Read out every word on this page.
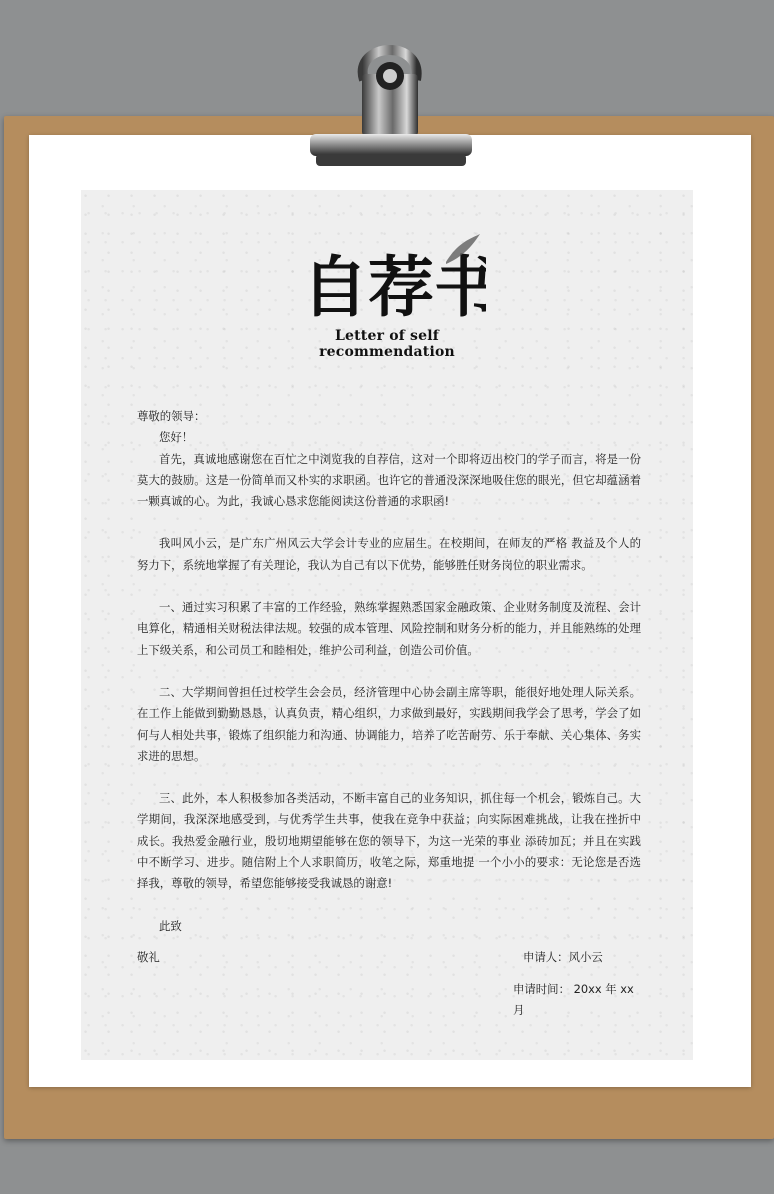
自荐书
Letter of self recommendation

尊敬的领导：

您好！

首先，真诚地感谢您在百忙之中浏览我的自荐信，这对一个即将迈出校门的学子而言，将是一份莫大的鼓励。这是一份简单而又朴实的求职函。也许它的普通没深深地吸住您的眼光，但它却蕴涵着一颗真诚的心。为此，我诚心恳求您能阅读这份普通的求职函!

我叫风小云，是广东广州风云大学会计专业的应届生。在校期间，在师友的严格 教益及个人的努力下，系统地掌握了有关理论，我认为自己有以下优势，能够胜任财务岗位的职业需求。

一、通过实习积累了丰富的工作经验，熟练掌握熟悉国家金融政策、企业财务制度及流程、会计电算化，精通相关财税法律法规。较强的成本管理、风险控制和财务分析的能力，并且能熟练的处理上下级关系，和公司员工和睦相处，维护公司利益，创造公司价值。

二、大学期间曾担任过校学生会会员，经济管理中心协会副主席等职，能很好地处理人际关系。在工作上能做到勤勤恳恳，认真负责，精心组织，力求做到最好，实践期间我学会了思考，学会了如何与人相处共事，锻炼了组织能力和沟通、协调能力，培养了吃苦耐劳、乐于奉献、关心集体、务实求进的思想。

三、此外，本人积极参加各类活动，不断丰富自己的业务知识，抓住每一个机会，锻炼自己。大学期间，我深深地感受到，与优秀学生共事，使我在竞争中获益；向实际困难挑战，让我在挫折中 成长。我热爱金融行业，殷切地期望能够在您的领导下，为这一光荣的事业 添砖加瓦；并且在实践中不断学习、进步。随信附上个人求职简历，收笔之际，郑重地提 一个小小的要求：无论您是否选择我，尊敬的领导，希望您能够接受我诚恳的谢意!

此致

敬礼	申请人：风小云
申请时间： 20xx 年 xx 月
